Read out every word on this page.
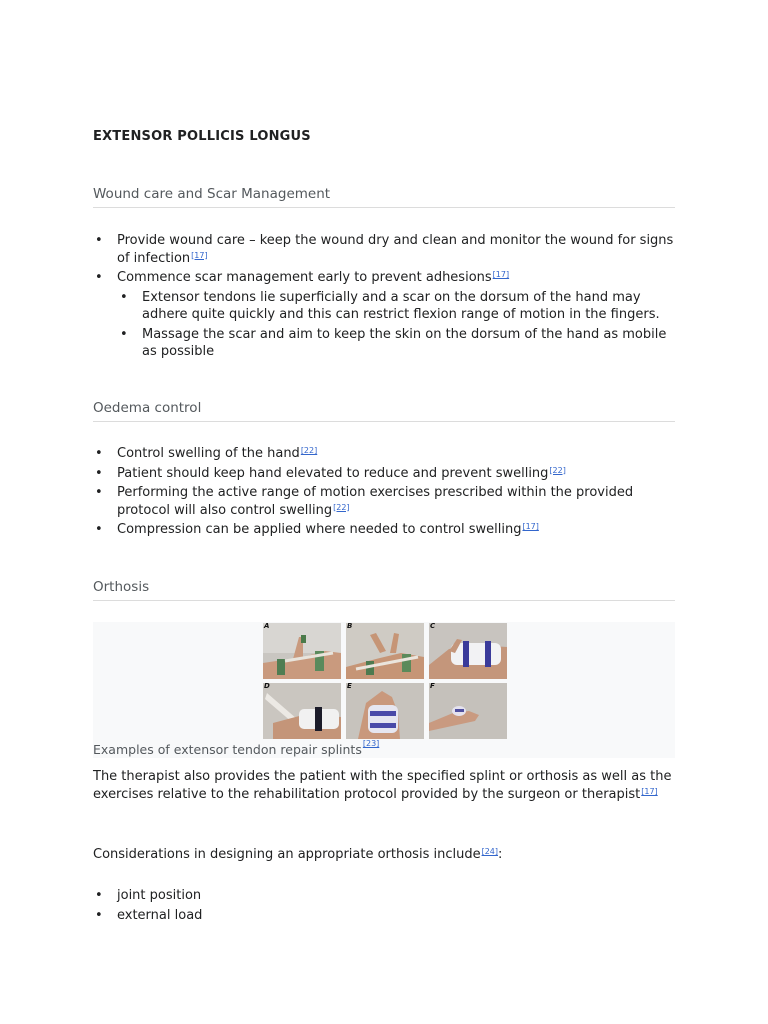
EXTENSOR POLLICIS LONGUS
Wound care and Scar Management
• Provide wound care – keep the wound dry and clean and monitor the wound for signs of infection[17]
• Commence scar management early to prevent adhesions[17]
• Extensor tendons lie superficially and a scar on the dorsum of the hand may adhere quite quickly and this can restrict flexion range of motion in the fingers.
• Massage the scar and aim to keep the skin on the dorsum of the hand as mobile as possible
Oedema control
• Control swelling of the hand[22]
• Patient should keep hand elevated to reduce and prevent swelling[22]
• Performing the active range of motion exercises prescribed within the provided protocol will also control swelling[22]
• Compression can be applied where needed to control swelling[17]
Orthosis
A	B	C
D	E	F
Examples of extensor tendon repair splints[23]

The therapist also provides the patient with the specified splint or orthosis as well as the exercises relative to the rehabilitation protocol provided by the surgeon or therapist[17]

Considerations in designing an appropriate orthosis include[24]:

• joint position
• external load
